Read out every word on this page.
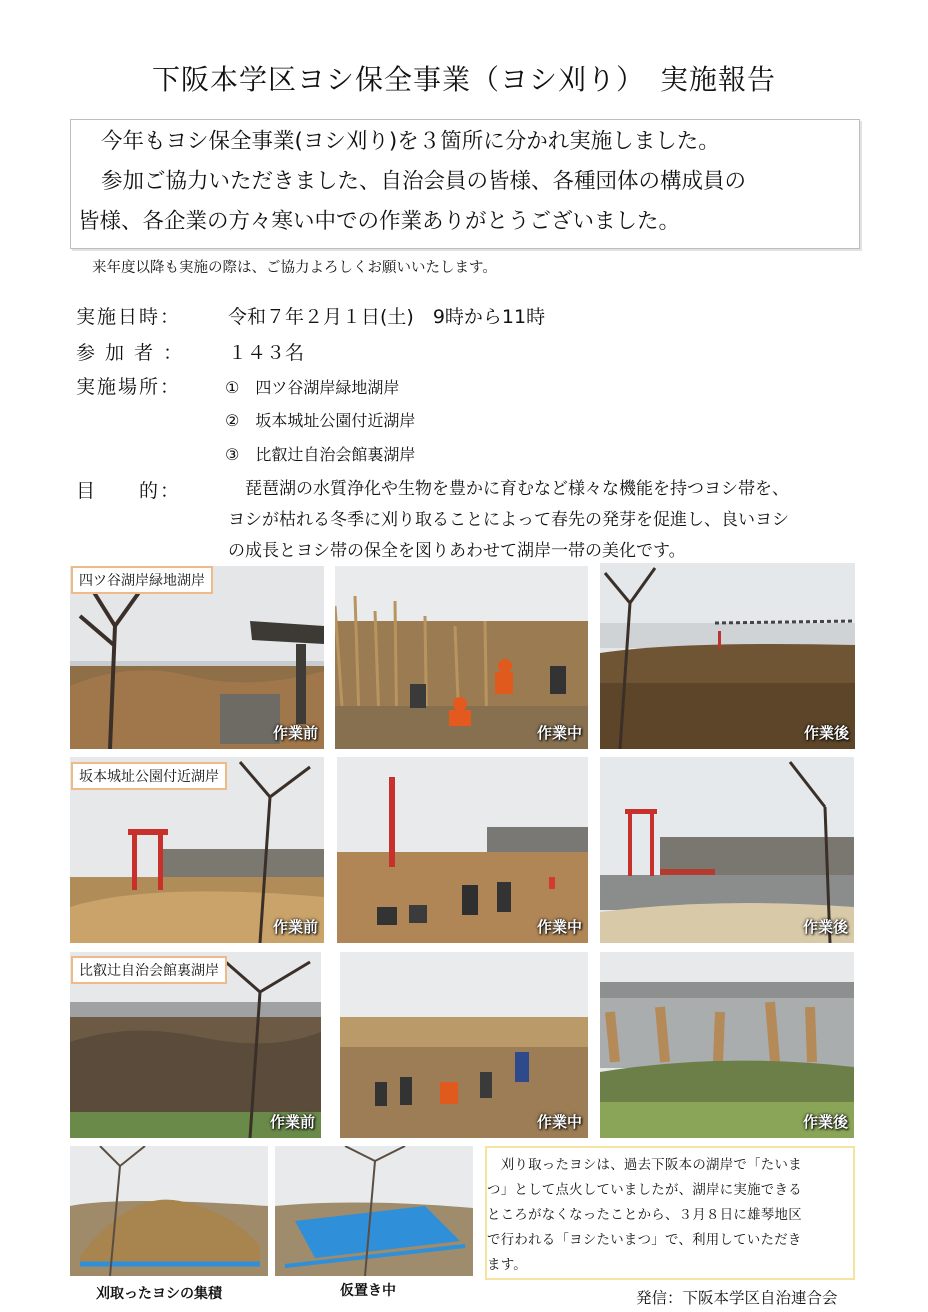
下阪本学区ヨシ保全事業（ヨシ刈り）　実施報告

今年もヨシ保全事業(ヨシ刈り)を３箇所に分かれ実施しました。

参加ご協力いただきました、自治会員の皆様、各種団体の構成員の

皆様、各企業の方々寒い中での作業ありがとうございました。

来年度以降も実施の際は、ご協力よろしくお願いいたします。
実施日時： 令和７年２月１日(土)　9時から11時
参 加 者 ： １４３名
実施場所：	①　四ツ谷湖岸緑地湖岸
②　坂本城址公園付近湖岸
③　比叡辻自治会館裏湖岸
目　　的：	　琵琶湖の水質浄化や生物を豊かに育むなど様々な機能を持つヨシ帯を、
ヨシが枯れる冬季に刈り取ることによって春先の発芽を促進し、良いヨシ
の成長とヨシ帯の保全を図りあわせて湖岸一帯の美化です。
作業前	作業中	作業後
四ツ谷湖岸緑地湖岸
作業前	作業中	作業後
坂本城址公園付近湖岸
作業前	作業中	作業後
比叡辻自治会館裏湖岸
刈取ったヨシの集積	仮置き中

　刈り取ったヨシは、過去下阪本の湖岸で「たいま

つ」として点火していましたが、湖岸に実施できる

ところがなくなったことから、３月８日に雄琴地区

で行われる「ヨシたいまつ」で、利用していただき

ます。

発信：下阪本学区自治連合会
